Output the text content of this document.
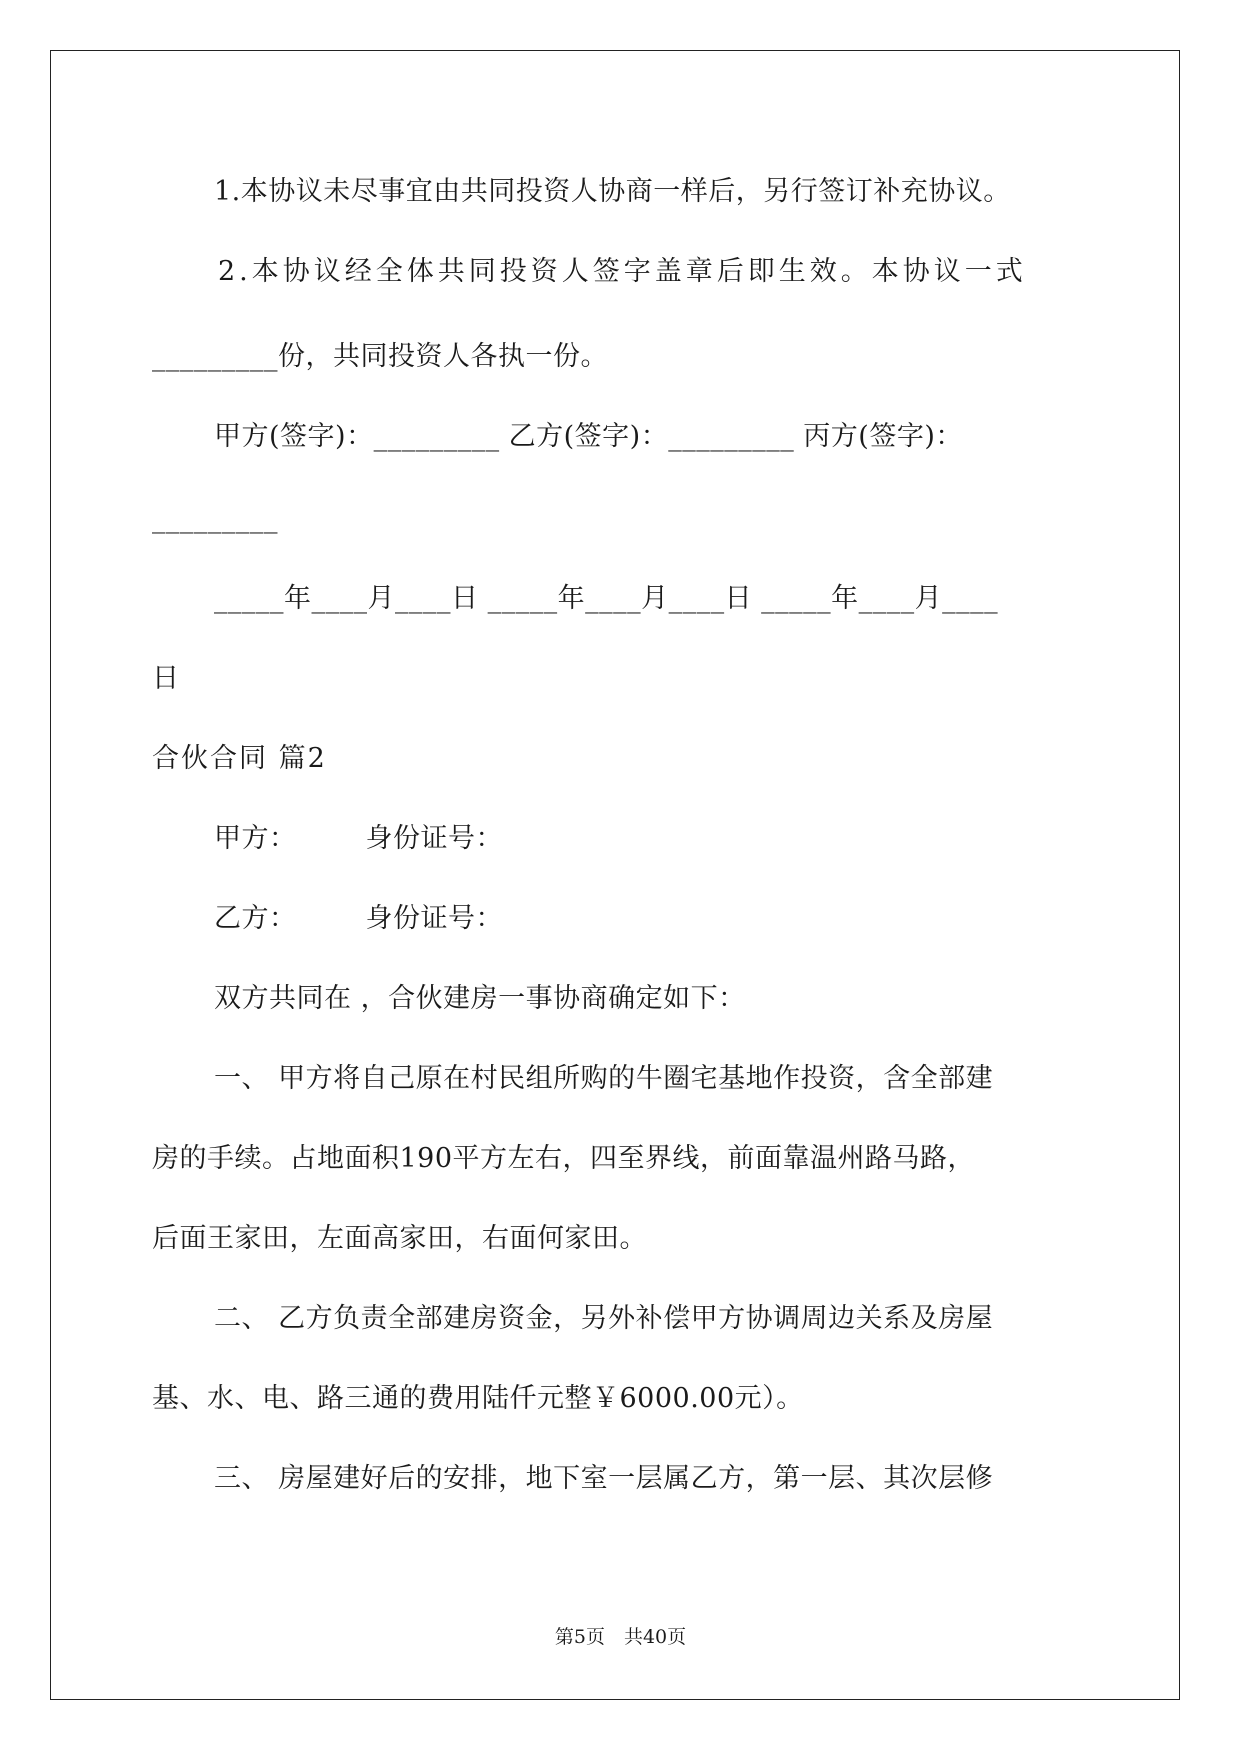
1.本协议未尽事宜由共同投资人协商一样后，另行签订补充协议。
2.本协议经全体共同投资人签字盖章后即生效。本协议一式
_________份，共同投资人各执一份。
甲方(签字)：_________ 乙方(签字)：_________ 丙方(签字)：
_________
_____年____月____日 _____年____月____日 _____年____月____
日
合伙合同 篇2
甲方：　　　身份证号：
乙方：　　　身份证号：
双方共同在 ，合伙建房一事协商确定如下：
一、 甲方将自己原在村民组所购的牛圈宅基地作投资，含全部建
房的手续。占地面积190平方左右，四至界线，前面靠温州路马路，
后面王家田，左面高家田，右面何家田。
二、 乙方负责全部建房资金，另外补偿甲方协调周边关系及房屋
基、水、电、路三通的费用陆仟元整￥6000.00元）。
三、 房屋建好后的安排，地下室一层属乙方，第一层、其次层修
第5页　共40页
